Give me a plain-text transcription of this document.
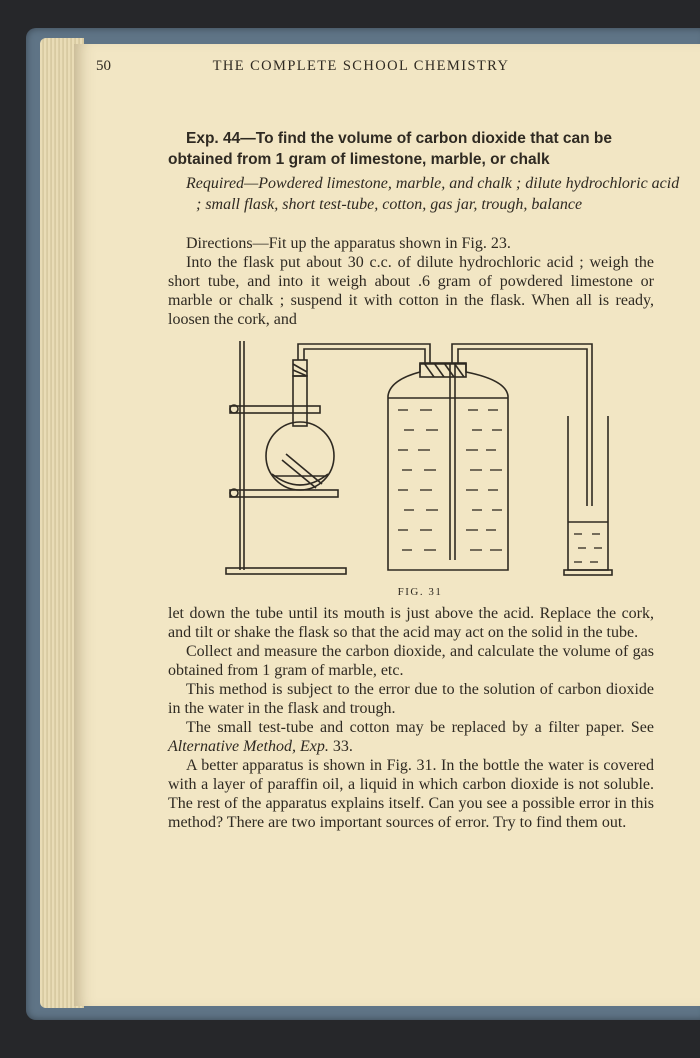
50	THE COMPLETE SCHOOL CHEMISTRY
Exp. 44—To find the volume of carbon dioxide that can be obtained from 1 gram of limestone, marble, or chalk
Required—Powdered limestone, marble, and chalk ; dilute hydrochloric acid ; small flask, short test-tube, cotton, gas jar, trough, balance

Directions—Fit up the apparatus shown in Fig. 23.

Into the flask put about 30 c.c. of dilute hydrochloric acid ; weigh the short tube, and into it weigh about .6 gram of powdered limestone or marble or chalk ; suspend it with cotton in the flask. When all is ready, loosen the cork, and

FIG. 31

let down the tube until its mouth is just above the acid. Replace the cork, and tilt or shake the flask so that the acid may act on the solid in the tube.

Collect and measure the carbon dioxide, and calculate the volume of gas obtained from 1 gram of marble, etc.

This method is subject to the error due to the solution of carbon dioxide in the water in the flask and trough.

The small test-tube and cotton may be replaced by a filter paper. See Alternative Method, Exp. 33.

A better apparatus is shown in Fig. 31. In the bottle the water is covered with a layer of paraffin oil, a liquid in which carbon dioxide is not soluble. The rest of the apparatus explains itself. Can you see a possible error in this method? There are two important sources of error. Try to find them out.
